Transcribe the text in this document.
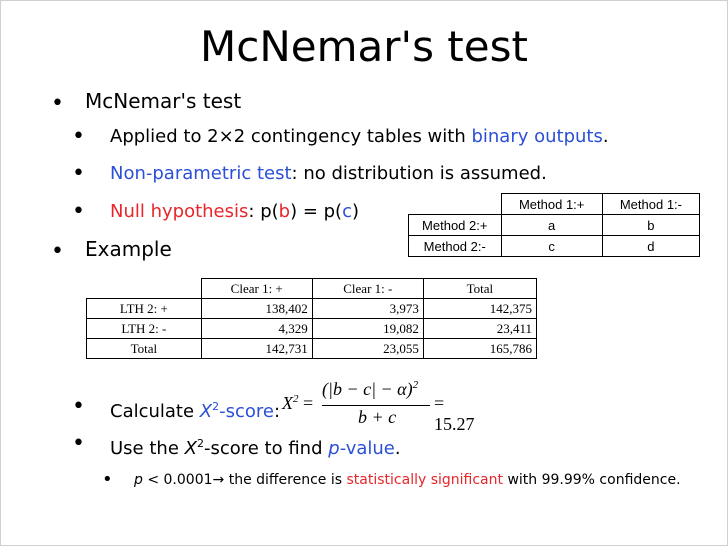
McNemar's test
• McNemar's test
• Applied to 2×2 contingency tables with binary outputs.
• Non-parametric test: no distribution is assumed.
• Null hypothesis: p(b) = p(c)
		Method 1:+	Method 1:-
Method 2:+	a	b
Method 2:-	c	d
• Example
	Clear 1: +	Clear 1: -	Total
LTH 2: +	138,402	3,973	142,375
LTH 2: -	4,329	19,082	23,411
Total	142,731	23,055	165,786
• Calculate $X^2$-score: $X^2$ =
$(|b - c| - \alpha)^2$
b + c
= 15.27
• Use the $X^2$-score to find p-value.
• p < 0.0001→ the difference is statistically significant with 99.99% confidence.
